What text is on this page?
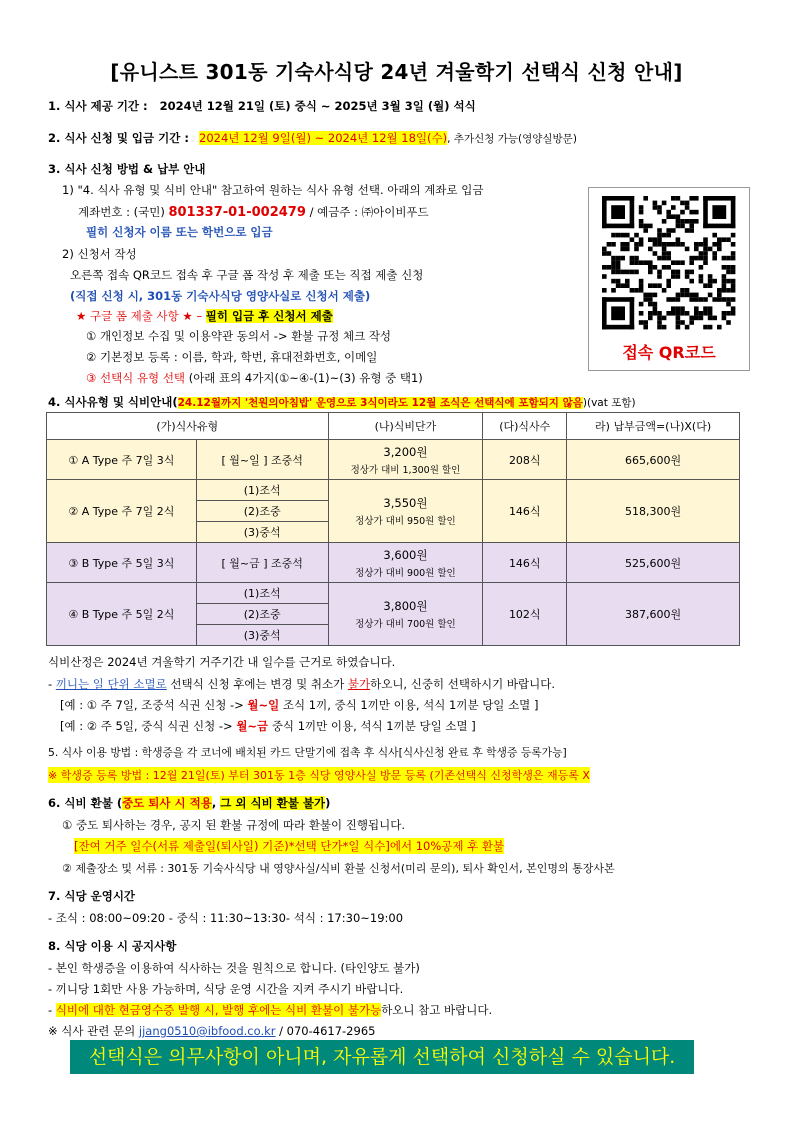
[유니스트 301동 기숙사식당 24년 겨울학기 선택식 신청 안내]
1. 식사 제공 기간 : 2024년 12월 21일 (토) 중식 ~ 2025년 3월 3일 (월) 석식
2. 식사 신청 및 입금 기간 : 2024년 12월 9일(월) ~ 2024년 12월 18일(수), 추가신청 가능(영양실방문)
3. 식사 신청 방법 & 납부 안내
1) "4. 식사 유형 및 식비 안내" 참고하여 원하는 식사 유형 선택. 아래의 계좌로 입금
계좌번호 : (국민) 801337-01-002479 / 예금주 : ㈜아이비푸드
필히 신청자 이름 또는 학번으로 입금
2) 신청서 작성
오른쪽 접속 QR코드 접속 후 구글 폼 작성 후 제출 또는 직접 제출 신청
(직접 신청 시, 301동 기숙사식당 영양사실로 신청서 제출)
★ 구글 폼 제출 사항 ★ – 필히 입금 후 신청서 제출
① 개인정보 수집 및 이용약관 동의서 -> 환불 규정 체크 작성
② 기본정보 등록 : 이름, 학과, 학번, 휴대전화번호, 이메일
③ 선택식 유형 선택 (아래 표의 4가지(①~④-(1)~(3) 유형 중 택1)
접속 QR코드
4. 식사유형 및 식비안내(24.12월까지 '천원의아침밥' 운영으로 3식이라도 12월 조식은 선택식에 포함되지 않음)(vat 포함)
(가)식사유형		(나)식비단가	(다)식사수	라) 납부금액=(나)X(다)
① A Type 주 7일 3식	[ 월~일 ] 조중석	3,200원
정상가 대비 1,300원 할인	208식	665,600원
② A Type 주 7일 2식	(1)조석	3,550원
정상가 대비 950원 할인	146식	518,300원
	(2)조중			
	(3)중석			
③ B Type 주 5일 3식	[ 월~금 ] 조중석	3,600원
정상가 대비 900원 할인	146식	525,600원
④ B Type 주 5일 2식	(1)조석	3,800원
정상가 대비 700원 할인	102식	387,600원
	(2)조중			
	(3)중석			
식비산정은 2024년 겨울학기 거주기간 내 일수를 근거로 하였습니다.
- 끼니는 일 단위 소멸로 선택식 신청 후에는 변경 및 취소가 불가하오니, 신중히 선택하시기 바랍니다.
[예 : ① 주 7일, 조중석 식권 신청 -> 월~일 조식 1끼, 중식 1끼만 이용, 석식 1끼분 당일 소멸 ]
[예 : ② 주 5일, 중식 식권 신청 -> 월~금 중식 1끼만 이용, 석식 1끼분 당일 소멸 ]
5. 식사 이용 방법 : 학생증을 각 코너에 배치된 카드 단말기에 접촉 후 식사[식사신청 완료 후 학생증 등록가능]
※ 학생증 등록 방법 : 12월 21일(토) 부터 301동 1층 식당 영양사실 방문 등록 (기존선택식 신청학생은 재등록 X
6. 식비 환불 (중도 퇴사 시 적용, 그 외 식비 환불 불가)
① 중도 퇴사하는 경우, 공지 된 환불 규정에 따라 환불이 진행됩니다.
[잔여 거주 일수(서류 제출일(퇴사일) 기준)*선택 단가*일 식수]에서 10%공제 후 환불
② 제출장소 및 서류 : 301동 기숙사식당 내 영양사실/식비 환불 신청서(미리 문의), 퇴사 확인서, 본인명의 통장사본
7. 식당 운영시간
- 조식 : 08:00~09:20 - 중식 : 11:30~13:30- 석식 : 17:30~19:00
8. 식당 이용 시 공지사항
- 본인 학생증을 이용하여 식사하는 것을 원칙으로 합니다. (타인양도 불가)
- 끼니당 1회만 사용 가능하며, 식당 운영 시간을 지켜 주시기 바랍니다.
- 식비에 대한 현금영수증 발행 시, 발행 후에는 식비 환불이 불가능하오니 참고 바랍니다.
※ 식사 관련 문의 jjang0510@ibfood.co.kr / 070-4617-2965
선택식은 의무사항이 아니며, 자유롭게 선택하여 신청하실 수 있습니다.
